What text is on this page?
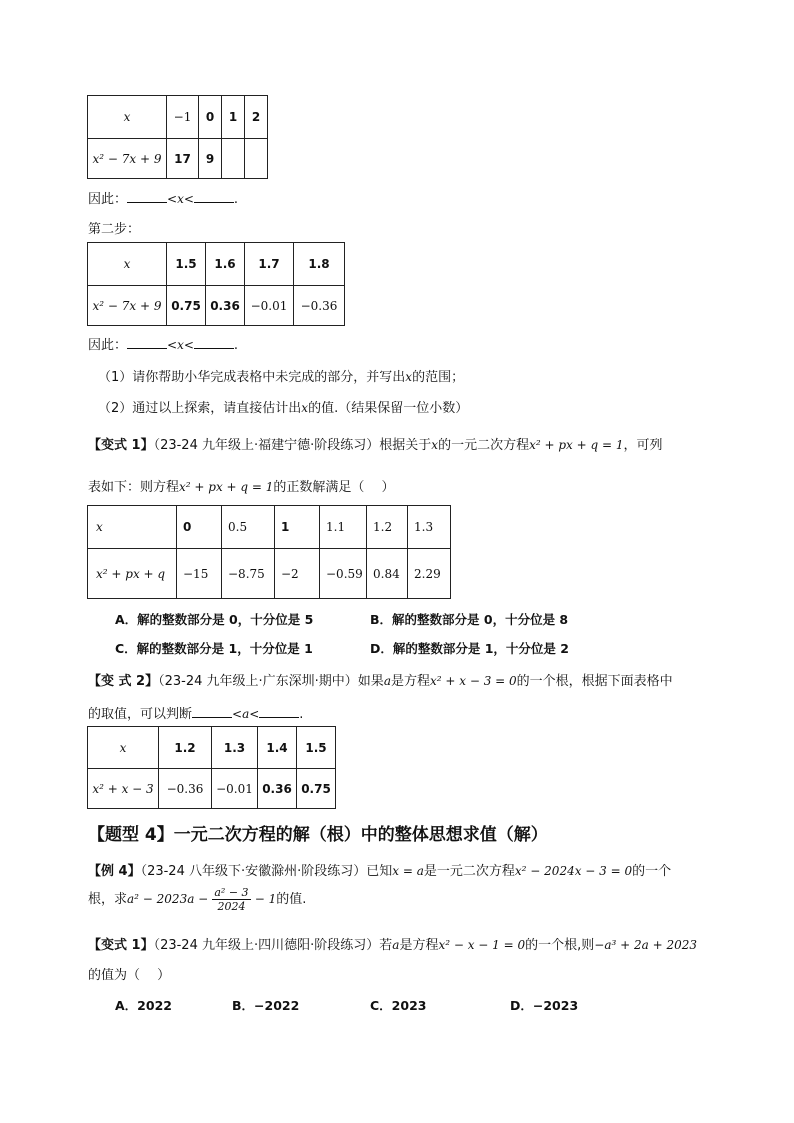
x	−1	0	1	2
x² − 7x + 9	17	9		
因此：	<x<	.
第二步：
x	1.5	1.6	1.7	1.8
x² − 7x + 9	0.75	0.36	−0.01	−0.36
因此：	<x<	.
（1）请你帮助小华完成表格中未完成的部分，并写出x的范围；
（2）通过以上探索，请直接估计出x的值.（结果保留一位小数）
【变式 1】（23-24 九年级上·福建宁德·阶段练习）根据关于x的一元二次方程x² + px + q = 1，可列
表如下：则方程x² + px + q = 1的正数解满足（　 ）
x	0	0.5	1	1.1	1.2	1.3
x² + px + q	−15	−8.75	−2	−0.59	0.84	2.29
A．解的整数部分是 0，十分位是 5	B．解的整数部分是 0，十分位是 8
C．解的整数部分是 1，十分位是 1	D．解的整数部分是 1，十分位是 2
【变 式 2】（23-24 九年级上·广东深圳·期中）如果a是方程x² + x − 3 = 0的一个根，根据下面表格中
的取值，可以判断	<a<	.
x	1.2	1.3	1.4	1.5
x² + x − 3	−0.36	−0.01	0.36	0.75
【题型 4】一元二次方程的解（根）中的整体思想求值（解）
【例 4】（23-24 八年级下·安徽滁州·阶段练习）已知x = a是一元二次方程x² − 2024x − 3 = 0的一个
根，求$a^2 - 2023a - \frac{\text{a² − 3}}{2024} - 1$的值.
【变式 1】（23-24 九年级上·四川德阳·阶段练习）若a是方程x² − x − 1 = 0的一个根,则−a³ + 2a + 2023
的值为（　 ）
A．2022	B．−2022	C．2023	D．−2023
